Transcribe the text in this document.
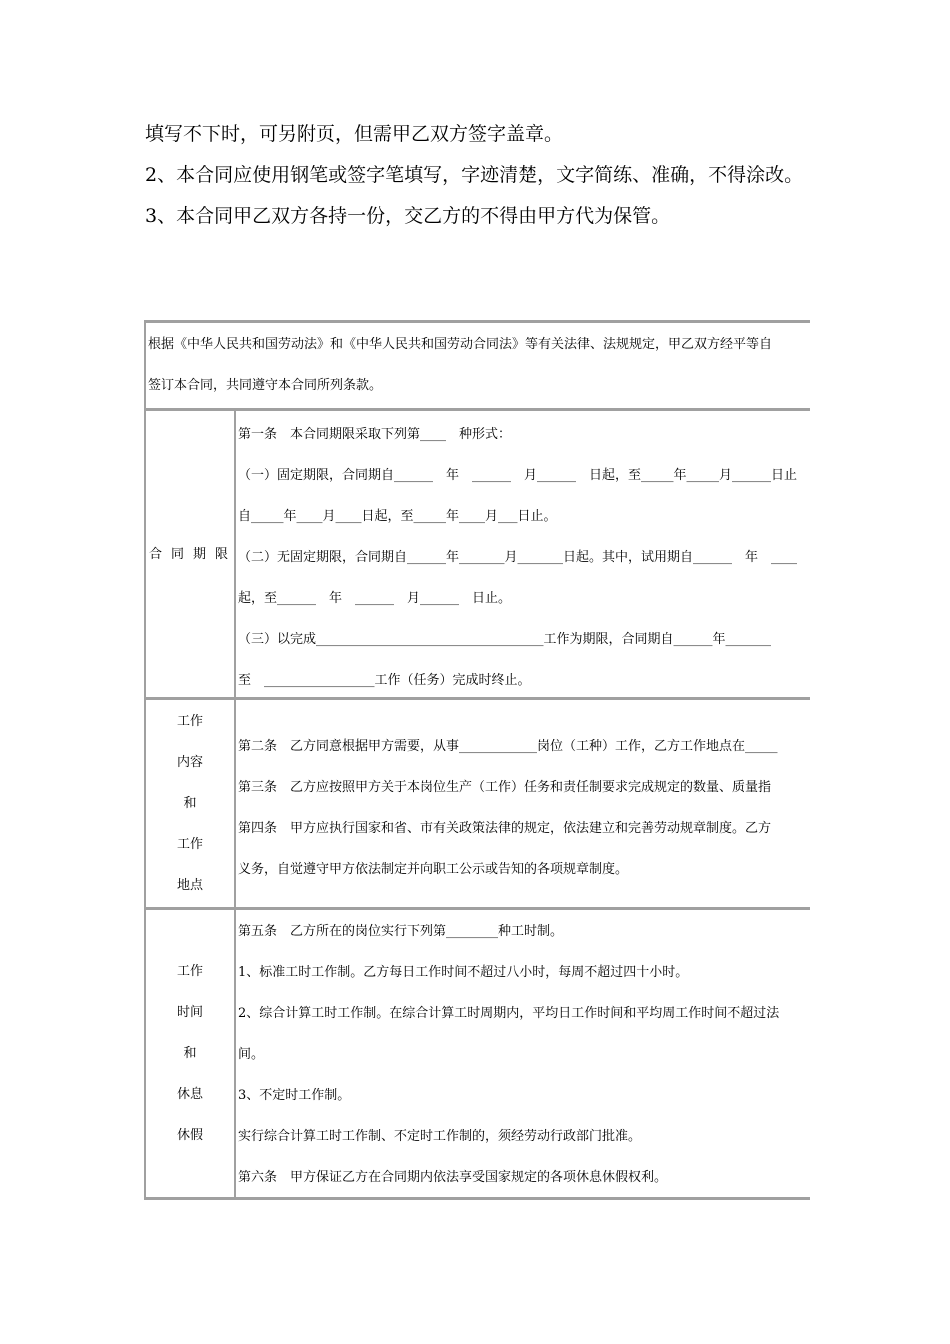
填写不下时，可另附页，但需甲乙双方签字盖章。
2、本合同应使用钢笔或签字笔填写，字迹清楚，文字简练、准确，不得涂改。
3、本合同甲乙双方各持一份，交乙方的不得由甲方代为保管。
根据《中华人民共和国劳动法》和《中华人民共和国劳动合同法》等有关法律、法规规定，甲乙双方经平等自
签订本合同，共同遵守本合同所列条款。
合同期限
第一条　本合同期限采取下列第____　种形式：
（一）固定期限，合同期自______　年　______　月______　日起，至_____年_____月______日止
自_____年____月____日起，至_____年____月___日止。
（二）无固定期限，合同期自______年_______月_______日起。其中，试用期自______　年　____
起，至______　年　______　月______　日止。
（三）以完成___________________________________工作为期限，合同期自______年_______
至　_________________工作（任务）完成时终止。
工作
内容
和
工作
地点
第二条　乙方同意根据甲方需要，从事____________岗位（工种）工作，乙方工作地点在_____
第三条　乙方应按照甲方关于本岗位生产（工作）任务和责任制要求完成规定的数量、质量指
第四条　甲方应执行国家和省、市有关政策法律的规定，依法建立和完善劳动规章制度。乙方
义务，自觉遵守甲方依法制定并向职工公示或告知的各项规章制度。
工作
时间
和
休息
休假
第五条　乙方所在的岗位实行下列第________种工时制。
1、标准工时工作制。乙方每日工作时间不超过八小时，每周不超过四十小时。
2、综合计算工时工作制。在综合计算工时周期内，平均日工作时间和平均周工作时间不超过法
间。
3、不定时工作制。
实行综合计算工时工作制、不定时工作制的，须经劳动行政部门批准。
第六条　甲方保证乙方在合同期内依法享受国家规定的各项休息休假权利。
